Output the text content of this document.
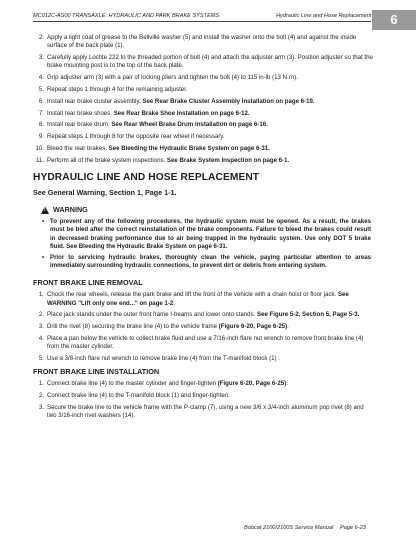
MC012C-AS00 TRANSAXLE: HYDRAULIC AND PARK BRAKE SYSTEMS	Hydraulic Line and Hose Replacement	6
2. Apply a light coat of grease to the Bellville washer (5) and install the washer onto the bolt (4) and against the inside surface of the back plate (1).
3. Carefully apply Loctite 222 to the threaded portion of bolt (4) and attach the adjuster arm (3). Position adjuster so that the brake mounting post is to the top of the back plate.
4. Grip adjuster arm (3) with a pair of locking pliers and tighten the bolt (4) to 115 in-lb (13 N·m).
5. Repeat steps 1 through 4 for the remaining adjuster.
6. Install rear brake cluster assembly. See Rear Brake Cluster Assembly Installation on page 6-19.
7. Install rear brake shoes. See Rear Brake Shoe Installation on page 6-12.
8. Install rear brake drum. See Rear Wheel Brake Drum Installation on page 6-16.
9. Repeat steps 1 through 8 for the opposite rear wheel if necessary.
10. Bleed the rear brakes. See Bleeding the Hydraulic Brake System on page 6-31.
11. Perform all of the brake system inspections. See Brake System Inspection on page 6-1.
HYDRAULIC LINE AND HOSE REPLACEMENT
See General Warning, Section 1, Page 1-1.
! WARNING
• To prevent any of the following procedures, the hydraulic system must be opened. As a result, the brakes must be bled after the correct reinstallation of the brake components. Failure to bleed the brakes could result in decreased braking performance due to air being trapped in the hydraulic system. Use only DOT 5 brake fluid. See Bleeding the Hydraulic Brake System on page 6-31.
• Prior to servicing hydraulic brakes, thoroughly clean the vehicle, paying particular attention to areas immediately surrounding hydraulic connections, to prevent dirt or debris from entering system.
FRONT BRAKE LINE REMOVAL
1. Chock the rear wheels, release the park brake and lift the front of the vehicle with a chain hoist or floor jack. See WARNING "Lift only one end..." on page 1-2.
2. Place jack stands under the outer front frame I-beams and lower onto stands. See Figure 5-2, Section 5, Page 5-3.
3. Drill the rivet (8) securing the brake line (4) to the vehicle frame (Figure 6-20, Page 6-25).
4. Place a pan below the vehicle to collect brake fluid and use a 7/16-inch flare nut wrench to remove front brake line (4) from the master cylinder.
5. Use a 3/8-inch flare nut wrench to remove brake line (4) from the T-manifold block (1) .
FRONT BRAKE LINE INSTALLATION
1. Connect brake line (4) to the master cylinder and finger-tighten (Figure 6-20, Page 6-25).
2. Connect brake line (4) to the T-manifold block (1) and finger-tighten.
3. Secure the brake line to the vehicle frame with the P-clamp (7), using a new 3/6 x 3/4-inch aluminum pop rivet (8) and two 3/16-inch rivet washers (14).
Bobcat 2100/2100S Service Manual Page 6-23
